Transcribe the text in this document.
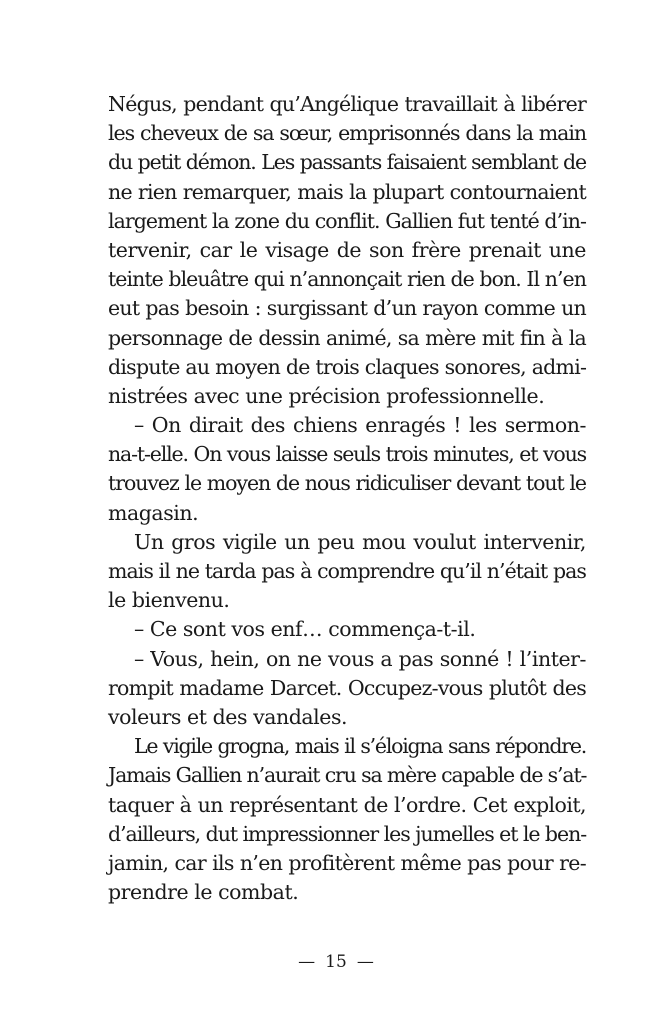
Négus, pendant qu’Angélique travaillait à libérer
les cheveux de sa sœur, emprisonnés dans la main
du petit démon. Les passants faisaient semblant de
ne rien remarquer, mais la plupart contournaient
largement la zone du conflit. Gallien fut tenté d’in-
tervenir, car le visage de son frère prenait une
teinte bleuâtre qui n’annonçait rien de bon. Il n’en
eut pas besoin : surgissant d’un rayon comme un
personnage de dessin animé, sa mère mit fin à la
dispute au moyen de trois claques sonores, admi-
nistrées avec une précision professionnelle.
– On dirait des chiens enragés ! les sermon-
na-t-elle. On vous laisse seuls trois minutes, et vous
trouvez le moyen de nous ridiculiser devant tout le
magasin.
Un gros vigile un peu mou voulut intervenir,
mais il ne tarda pas à comprendre qu’il n’était pas
le bienvenu.
– Ce sont vos enf… commença-t-il.
– Vous, hein, on ne vous a pas sonné ! l’inter-
rompit madame Darcet. Occupez-vous plutôt des
voleurs et des vandales.
Le vigile grogna, mais il s’éloigna sans répondre.
Jamais Gallien n’aurait cru sa mère capable de s’at-
taquer à un représentant de l’ordre. Cet exploit,
d’ailleurs, dut impressionner les jumelles et le ben-
jamin, car ils n’en profitèrent même pas pour re-
prendre le combat.
— 15 —
